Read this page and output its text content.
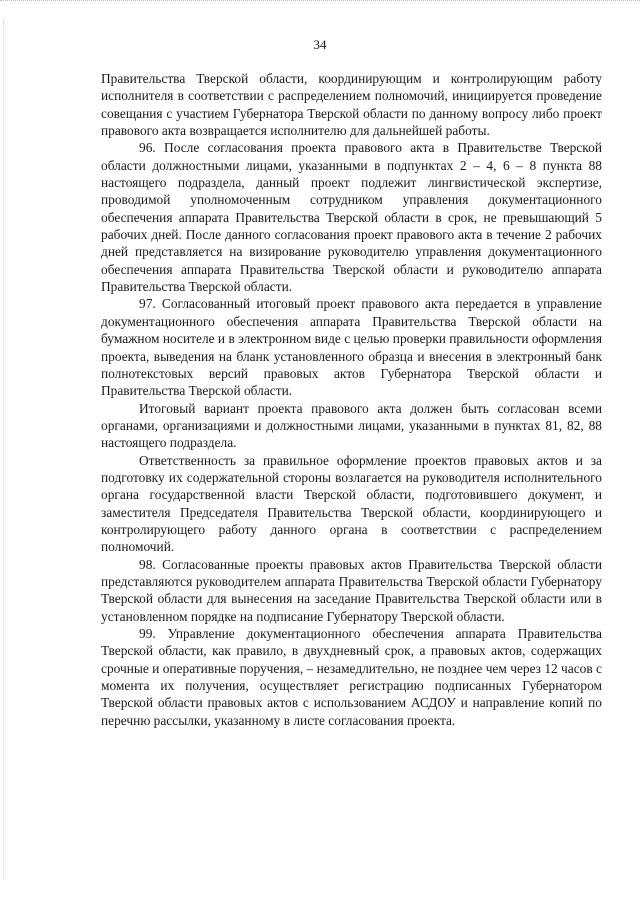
34

Правительства Тверской области, координирующим и контролирующим работу исполнителя в соответствии с распределением полномочий, инициируется проведение совещания с участием Губернатора Тверской области по данному вопросу либо проект правового акта возвращается исполнителю для дальнейшей работы.

96. После согласования проекта правового акта в Правительстве Тверской области должностными лицами, указанными в подпунктах 2 – 4, 6 – 8 пункта 88 настоящего подраздела, данный проект подлежит лингвистической экспертизе, проводимой уполномоченным сотрудником управления документационного обеспечения аппарата Правительства Тверской области в срок, не превышающий 5 рабочих дней. После данного согласования проект правового акта в течение 2 рабочих дней представляется на визирование руководителю управления документационного обеспечения аппарата Правительства Тверской области и руководителю аппарата Правительства Тверской области.

97. Согласованный итоговый проект правового акта передается в управление документационного обеспечения аппарата Правительства Тверской области на бумажном носителе и в электронном виде с целью проверки правильности оформления проекта, выведения на бланк установленного образца и внесения в электронный банк полнотекстовых версий правовых актов Губернатора Тверской области и Правительства Тверской области.

Итоговый вариант проекта правового акта должен быть согласован всеми органами, организациями и должностными лицами, указанными в пунктах 81, 82, 88 настоящего подраздела.

Ответственность за правильное оформление проектов правовых актов и за подготовку их содержательной стороны возлагается на руководителя исполнительного органа государственной власти Тверской области, подготовившего документ, и заместителя Председателя Правительства Тверской области, координирующего и контролирующего работу данного органа в соответствии с распределением полномочий.

98. Согласованные проекты правовых актов Правительства Тверской области представляются руководителем аппарата Правительства Тверской области Губернатору Тверской области для вынесения на заседание Правительства Тверской области или в установленном порядке на подписание Губернатору Тверской области.

99. Управление документационного обеспечения аппарата Правительства Тверской области, как правило, в двухдневный срок, а правовых актов, содержащих срочные и оперативные поручения, – незамедлительно, не позднее чем через 12 часов с момента их получения, осуществляет регистрацию подписанных Губернатором Тверской области правовых актов с использованием АСДОУ и направление копий по перечню рассылки, указанному в листе согласования проекта.
